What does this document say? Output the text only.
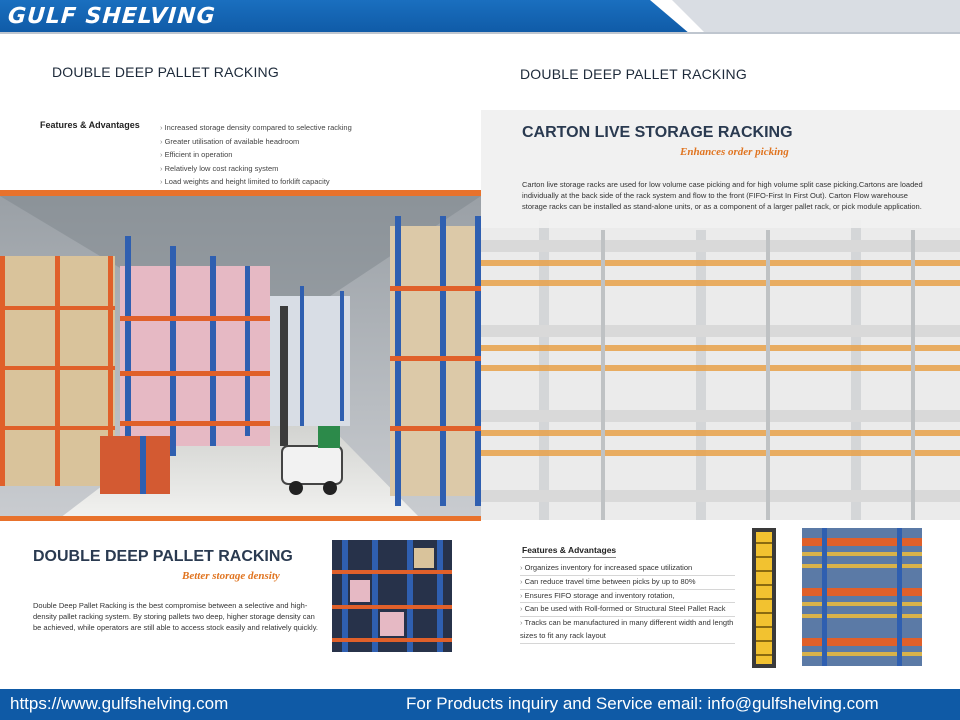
GULF SHELVING
DOUBLE DEEP PALLET RACKING	DOUBLE DEEP PALLET RACKING
Features & Advantages
›	Increased storage density compared to selective racking
› Greater utilisation of available headroom
› Efficient in operation
› Relatively low cost racking system
› Load weights and height limited to forklift capacity
DOUBLE DEEP PALLET RACKING
Better storage density

Double Deep Pallet Racking is the best compromise between a selective and high-density pallet racking system. By storing pallets two deep, higher storage density can be achieved, while operators are still able to access stock easily and relatively quickly.

CARTON LIVE STORAGE RACKING
Enhances order picking

Carton live storage racks are used for low volume case picking and for high volume split case picking.Cartons are loaded individually at the back side of the rack system and flow to the front (FIFO-First In First Out). Carton Flow warehouse storage racks can be installed as stand-alone units, or as a component of a larger pallet rack, or pick module application.

Features & Advantages
› Organizes inventory for increased space utilization
› Can reduce travel time between picks by up to 80%
› Ensures FIFO storage and inventory rotation,
› Can be used with Roll-formed or Structural Steel Pallet Rack
› Tracks can be manufactured in many different width and length sizes to fit any rack layout
https://www.gulfshelving.com	For Products inquiry and Service email: info@gulfshelving.com
